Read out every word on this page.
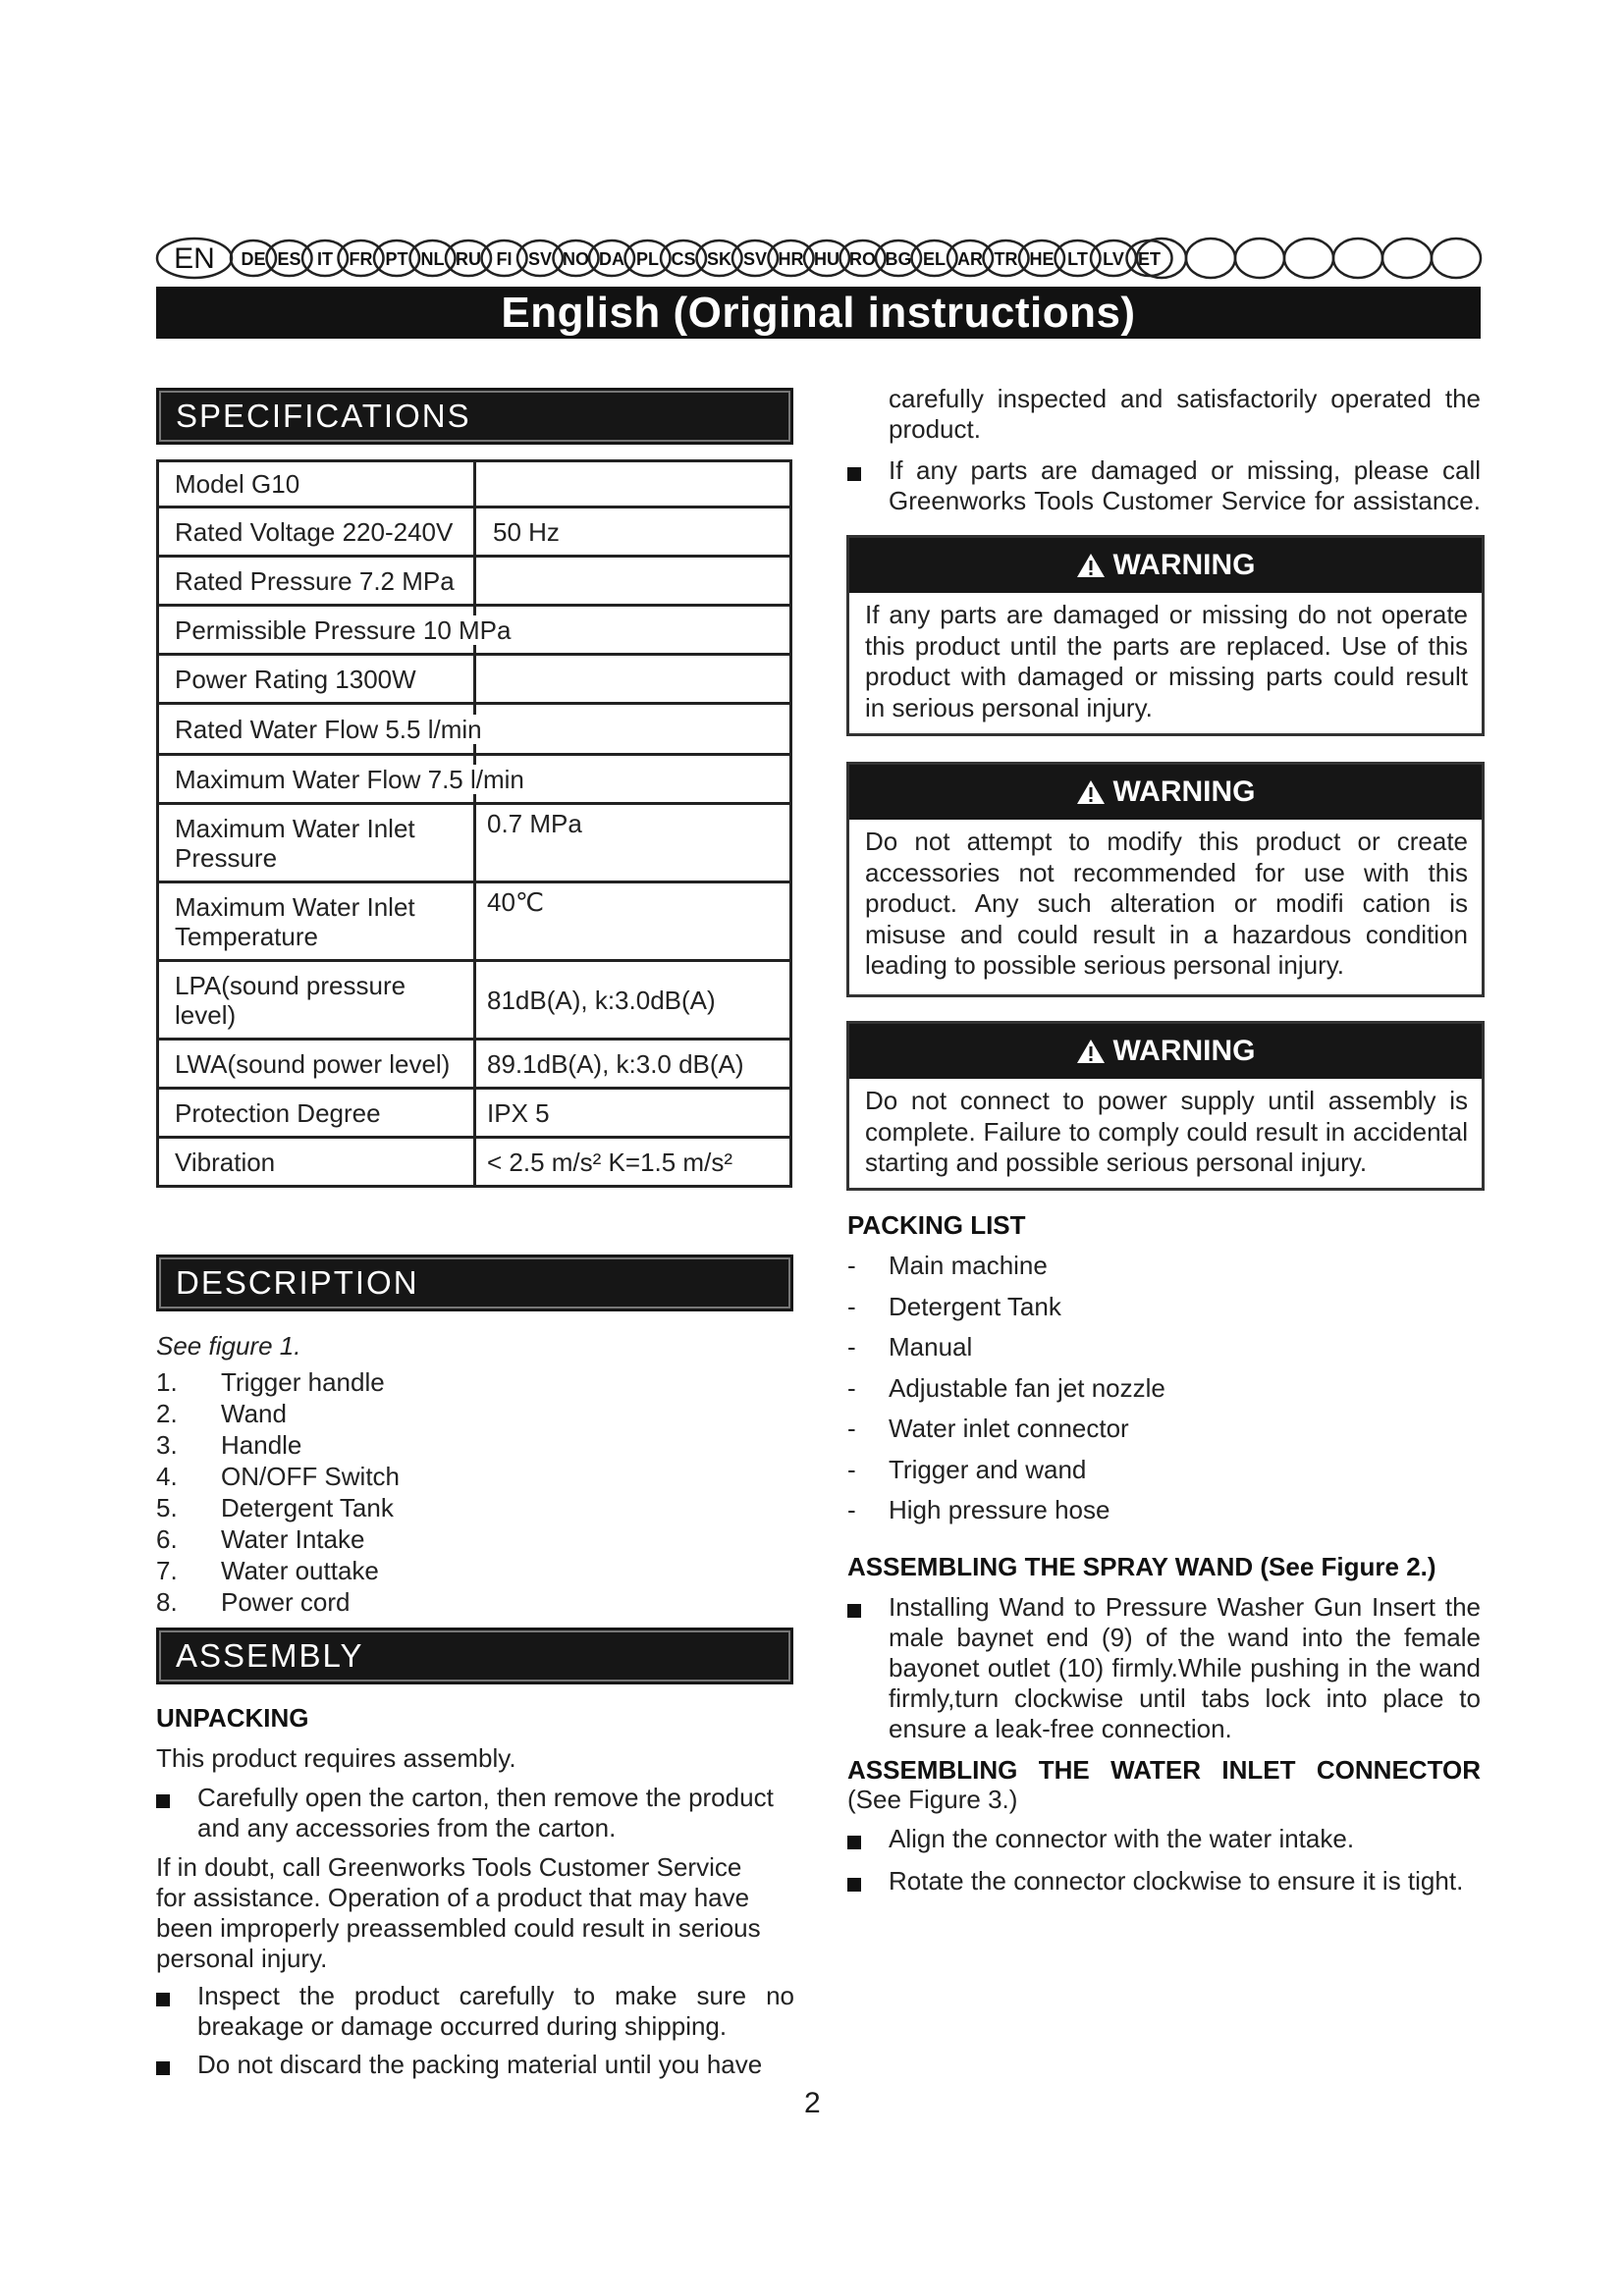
EN DE ES IT FR PT NL RU FI SV NO DA PL CS SK SV HR HU RO BG EL AR TR HE LT LV ET
English (Original instructions)
SPECIFICATIONS
Model G10
Rated Voltage 220-240V 50 Hz
Rated Pressure 7.2 MPa
Permissible Pressure 10 MPa
Power Rating 1300W
Rated Water Flow 5.5 l/min
Maximum Water Flow 7.5 l/min
Maximum Water Inlet
Pressure
0.7 MPa
Maximum Water Inlet
Temperature
40℃
LPA(sound pressure
level)	81dB(A), k:3.0dB(A)
LWA(sound power level) 89.1dB(A), k:3.0 dB(A)
Protection Degree	IPX 5
Vibration	< 2.5 m/s² K=1.5 m/s²
DESCRIPTION
See figure 1.
1. Trigger handle
2. Wand
3. Handle
4. ON/OFF Switch
5. Detergent Tank
6. Water Intake
7. Water outtake
8. Power cord
ASSEMBLY
UNPACKING
This product requires assembly.
Carefully open the carton, then remove the product
and any accessories from the carton.
If in doubt, call Greenworks Tools Customer Service
for assistance. Operation of a product that may have
been improperly preassembled could result in serious
personal injury.
Inspect the product carefully to make sure no
breakage or damage occurred during shipping.
Do not discard the packing material until you have
carefully inspected and satisfactorily operated the
product.
If any parts are damaged or missing, please call
Greenworks Tools Customer Service for assistance.
WARNING
If any parts are damaged or missing do not operate
this product until the parts are replaced. Use of this
product with damaged or missing parts could result
in serious personal injury.
WARNING
Do not attempt to modify this product or create
accessories not recommended for use with this
product. Any such alteration or modifi cation is
misuse and could result in a hazardous condition
leading to possible serious personal injury.
WARNING
Do not connect to power supply until assembly is
complete. Failure to comply could result in accidental
starting and possible serious personal injury.
PACKING LIST
- Main machine
- Detergent Tank
- Manual
- Adjustable fan jet nozzle
- Water inlet connector
- Trigger and wand
- High pressure hose
ASSEMBLING THE SPRAY WAND (See Figure 2.)
Installing Wand to Pressure Washer Gun Insert the
male baynet end (9) of the wand into the female
bayonet outlet (10) firmly.While pushing in the wand
firmly,turn clockwise until tabs lock into place to
ensure a leak-free connection.
ASSEMBLING THE WATER INLET CONNECTOR
(See Figure 3.)
Align the connector with the water intake.
Rotate the connector clockwise to ensure it is tight.
2
